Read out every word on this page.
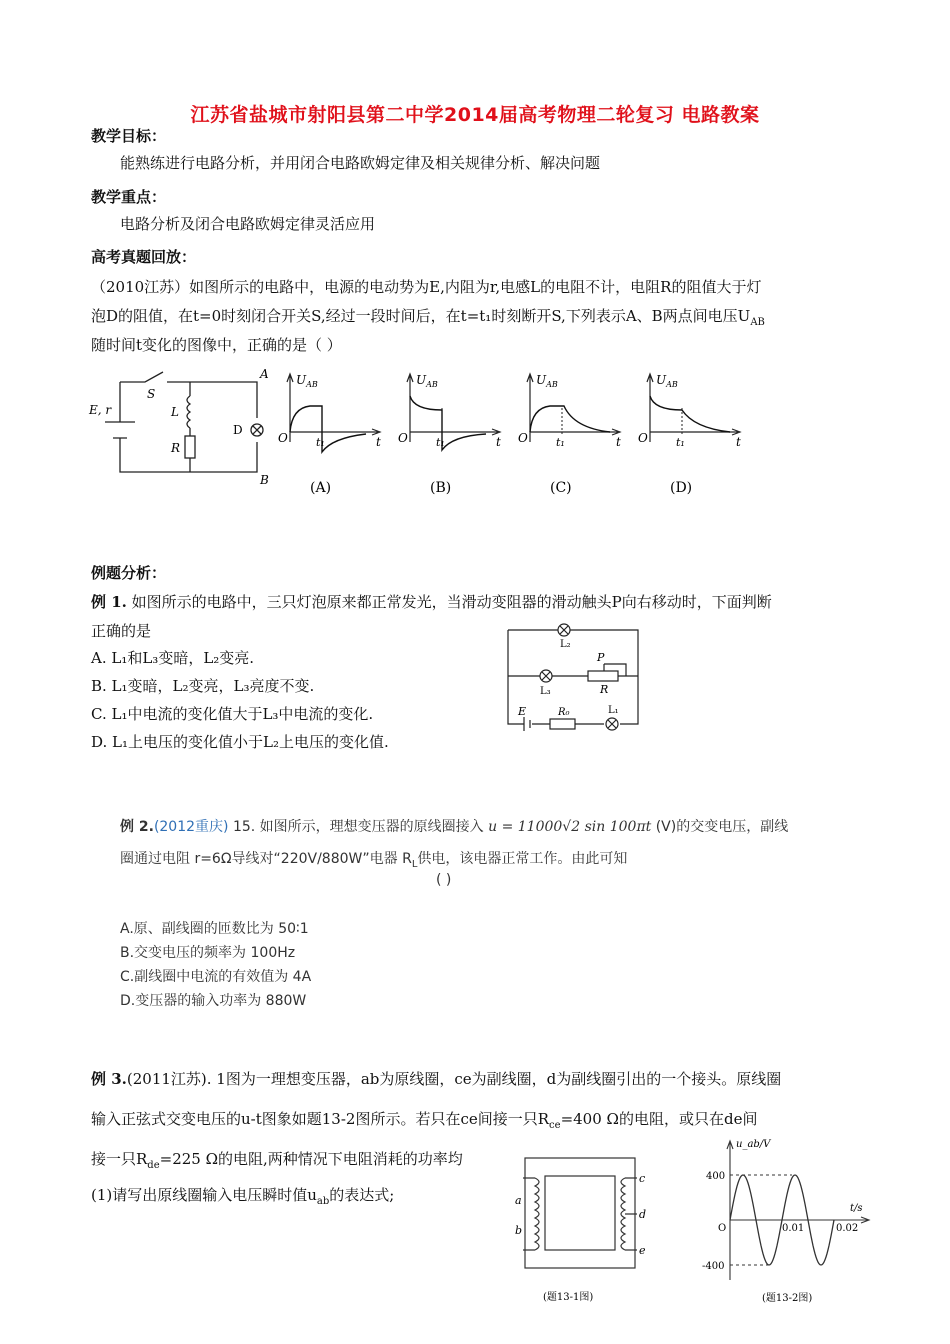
江苏省盐城市射阳县第二中学2014届高考物理二轮复习 电路教案
教学目标：
能熟练进行电路分析，并用闭合电路欧姆定律及相关规律分析、解决问题
教学重点：
电路分析及闭合电路欧姆定律灵活应用
高考真题回放：
（2010江苏）如图所示的电路中，电源的电动势为E,内阻为r,电感L的电阻不计，电阻R的阻值大于灯
泡D的阻值，在t=0时刻闭合开关S,经过一段时间后，在t=t₁时刻断开S,下列表示A、B两点间电压$U_{AB}$
随时间t变化的图像中，正确的是（ ）
S
L
R
D
E, r
A
B
$U_{AB}$
O	t
t₁
(A)
$U_{AB}$
O	t
t₁
(B)
$U_{AB}$
O	t
t₁
(C)
$U_{AB}$
O	t
t₁
(D)
例题分析：
例 1. 如图所示的电路中，三只灯泡原来都正常发光，当滑动变阻器的滑动触头P向右移动时，下面判断
正确的是
A. L₁和L₃变暗，L₂变亮.
B. L₁变暗，L₂变亮，L₃亮度不变.
C. L₁中电流的变化值大于L₃中电流的变化.
D. L₁上电压的变化值小于L₂上电压的变化值.
L₂
L₃
P
R
E	R₀	L₁
例 2.(2012重庆) 15. 如图所示，理想变压器的原线圈接入 u = 11000√2 sin 100πt (V)的交变电压，副线
圈通过电阻 r=6Ω导线对“220V/880W”电器 $R_L$供电，该电器正常工作。由此可知
( )
A.原、副线圈的匝数比为 50∶1
B.交变电压的频率为 100Hz
C.副线圈中电流的有效值为 4A
D.变压器的输入功率为 880W
例 3.(2011江苏). 1图为一理想变压器，ab为原线圈，ce为副线圈，d为副线圈引出的一个接头。原线圈
输入正弦式交变电压的u-t图象如题13-2图所示。若只在ce间接一只$R_{ce}=400$ Ω的电阻，或只在de间
接一只$R_{de}=225$ Ω的电阻,两种情况下电阻消耗的功率均
(1)请写出原线圈输入电压瞬时值$u_{ab}$的表达式;	a
b
c
d
e
(题13-1图)
u_ab/V
t/s
400
-400
O	0.01	0.02
(题13-2图)
